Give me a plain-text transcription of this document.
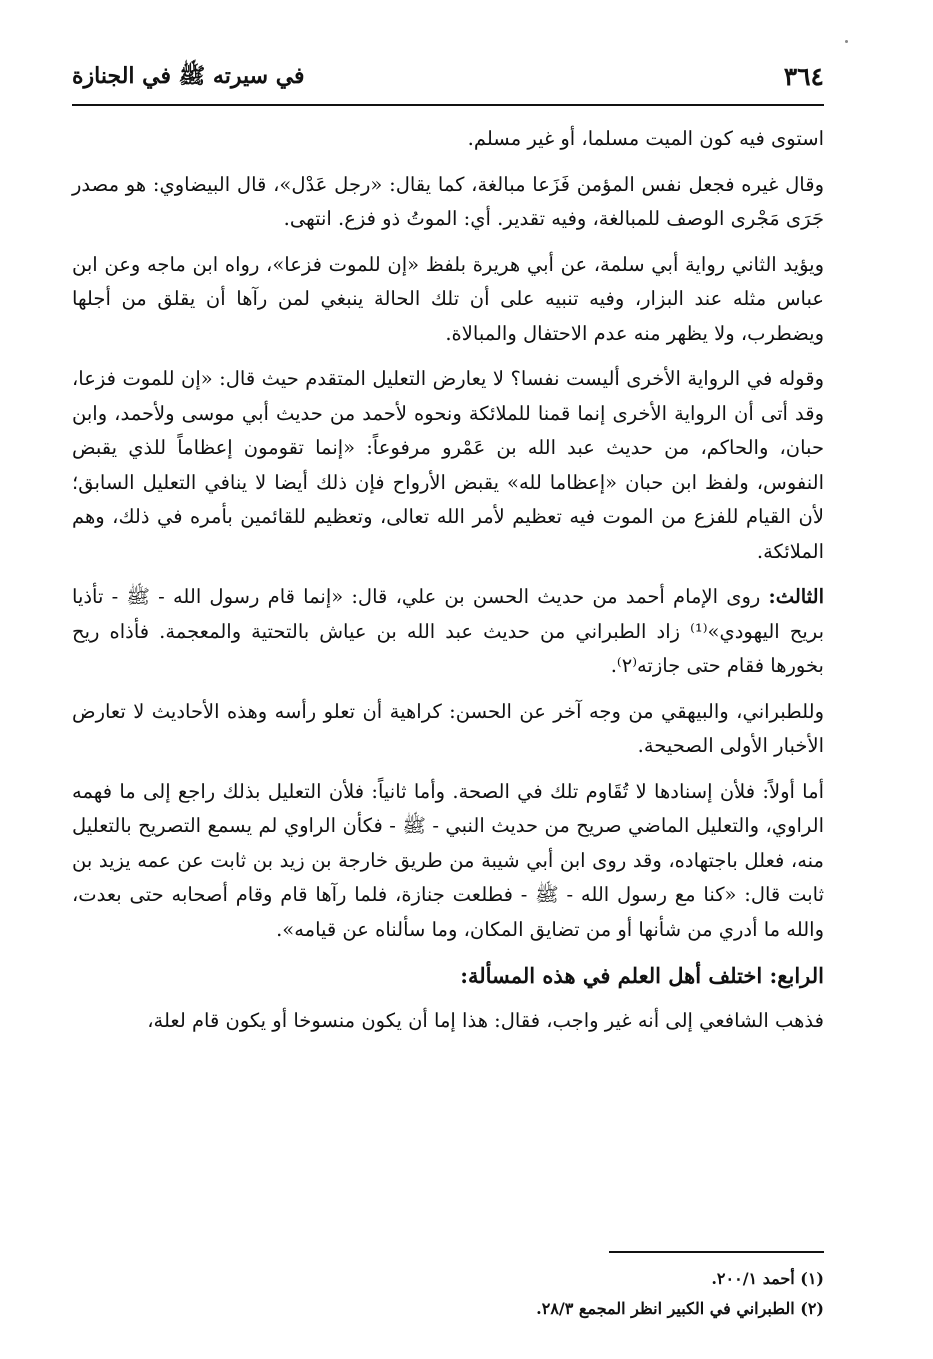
٣٦٤
في سيرته ﷺ في الجنازة

استوى فيه كون الميت مسلما، أو غير مسلم.

وقال غيره فجعل نفس المؤمن فَزَعا مبالغة، كما يقال: «رجل عَدْل»، قال البيضاوي: هو مصدر جَرَى مَجْرى الوصف للمبالغة، وفيه تقدير. أي: الموتُ ذو فزع. انتهى.

ويؤيد الثاني رواية أبي سلمة، عن أبي هريرة بلفظ «إن للموت فزعا»، رواه ابن ماجه وعن ابن عباس مثله عند البزار، وفيه تنبيه على أن تلك الحالة ينبغي لمن رآها أن يقلق من أجلها ويضطرب، ولا يظهر منه عدم الاحتفال والمبالاة.

وقوله في الرواية الأخرى أليست نفسا؟ لا يعارض التعليل المتقدم حيث قال: «إن للموت فزعا، وقد أتى أن الرواية الأخرى إنما قمنا للملائكة ونحوه لأحمد من حديث أبي موسى ولأحمد، وابن حبان، والحاكم، من حديث عبد الله بن عَمْرو مرفوعاً: «إنما تقومون إعظاماً للذي يقبض النفوس، ولفظ ابن حبان «إعظاما لله» يقبض الأرواح فإن ذلك أيضا لا ينافي التعليل السابق؛ لأن القيام للفزع من الموت فيه تعظيم لأمر الله تعالى، وتعظيم للقائمين بأمره في ذلك، وهم الملائكة.

الثالث: روى الإمام أحمد من حديث الحسن بن علي، قال: «إنما قام رسول الله - ﷺ - تأذيا بريح اليهودي»⁽¹⁾ زاد الطبراني من حديث عبد الله بن عياش بالتحتية والمعجمة. فأذاه ريح بخورها فقام حتى جازته⁽٢⁾.

وللطبراني، والبيهقي من وجه آخر عن الحسن: كراهية أن تعلو رأسه وهذه الأحاديث لا تعارض الأخبار الأولى الصحيحة.

أما أولاً: فلأن إسنادها لا تُقَاوم تلك في الصحة. وأما ثانياً: فلأن التعليل بذلك راجع إلى ما فهمه الراوي، والتعليل الماضي صريح من حديث النبي - ﷺ - فكأن الراوي لم يسمع التصريح بالتعليل منه، فعلل باجتهاده، وقد روى ابن أبي شيبة من طريق خارجة بن زيد بن ثابت عن عمه يزيد بن ثابت قال: «كنا مع رسول الله - ﷺ - فطلعت جنازة، فلما رآها قام وقام أصحابه حتى بعدت، والله ما أدري من شأنها أو من تضايق المكان، وما سألناه عن قيامه».

الرابع: اختلف أهل العلم في هذه المسألة:

فذهب الشافعي إلى أنه غير واجب، فقال: هذا إما أن يكون منسوخا أو يكون قام لعلة،

(١) أحمد ٢٠٠/١.

(٢) الطبراني في الكبير انظر المجمع ٢٨/٣.
